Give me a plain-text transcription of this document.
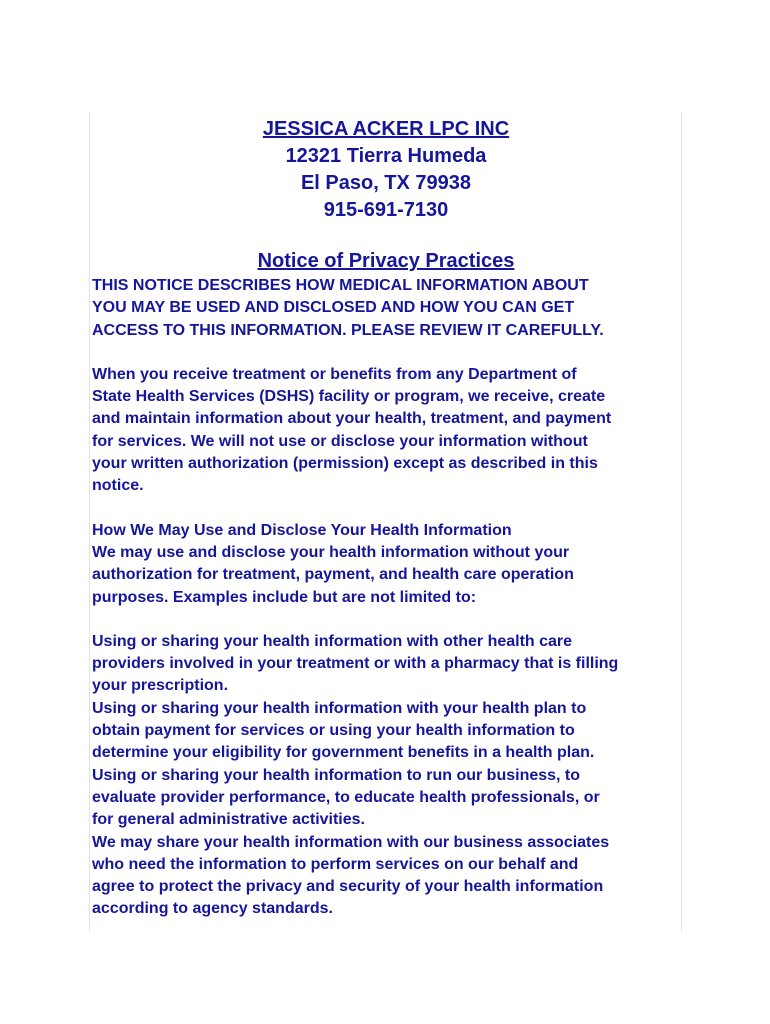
JESSICA ACKER LPC INC
12321 Tierra Humeda
El Paso, TX 79938
915-691-7130
Notice of Privacy Practices
THIS NOTICE DESCRIBES HOW MEDICAL INFORMATION ABOUT
YOU MAY BE USED AND DISCLOSED AND HOW YOU CAN GET
ACCESS TO THIS INFORMATION. PLEASE REVIEW IT CAREFULLY.
When you receive treatment or benefits from any Department of
State Health Services (DSHS) facility or program, we receive, create
and maintain information about your health, treatment, and payment
for services. We will not use or disclose your information without
your written authorization (permission) except as described in this
notice.
How We May Use and Disclose Your Health Information
We may use and disclose your health information without your
authorization for treatment, payment, and health care operation
purposes. Examples include but are not limited to:
Using or sharing your health information with other health care
providers involved in your treatment or with a pharmacy that is filling
your prescription.
Using or sharing your health information with your health plan to
obtain payment for services or using your health information to
determine your eligibility for government benefits in a health plan.
Using or sharing your health information to run our business, to
evaluate provider performance, to educate health professionals, or
for general administrative activities.
We may share your health information with our business associates
who need the information to perform services on our behalf and
agree to protect the privacy and security of your health information
according to agency standards.
